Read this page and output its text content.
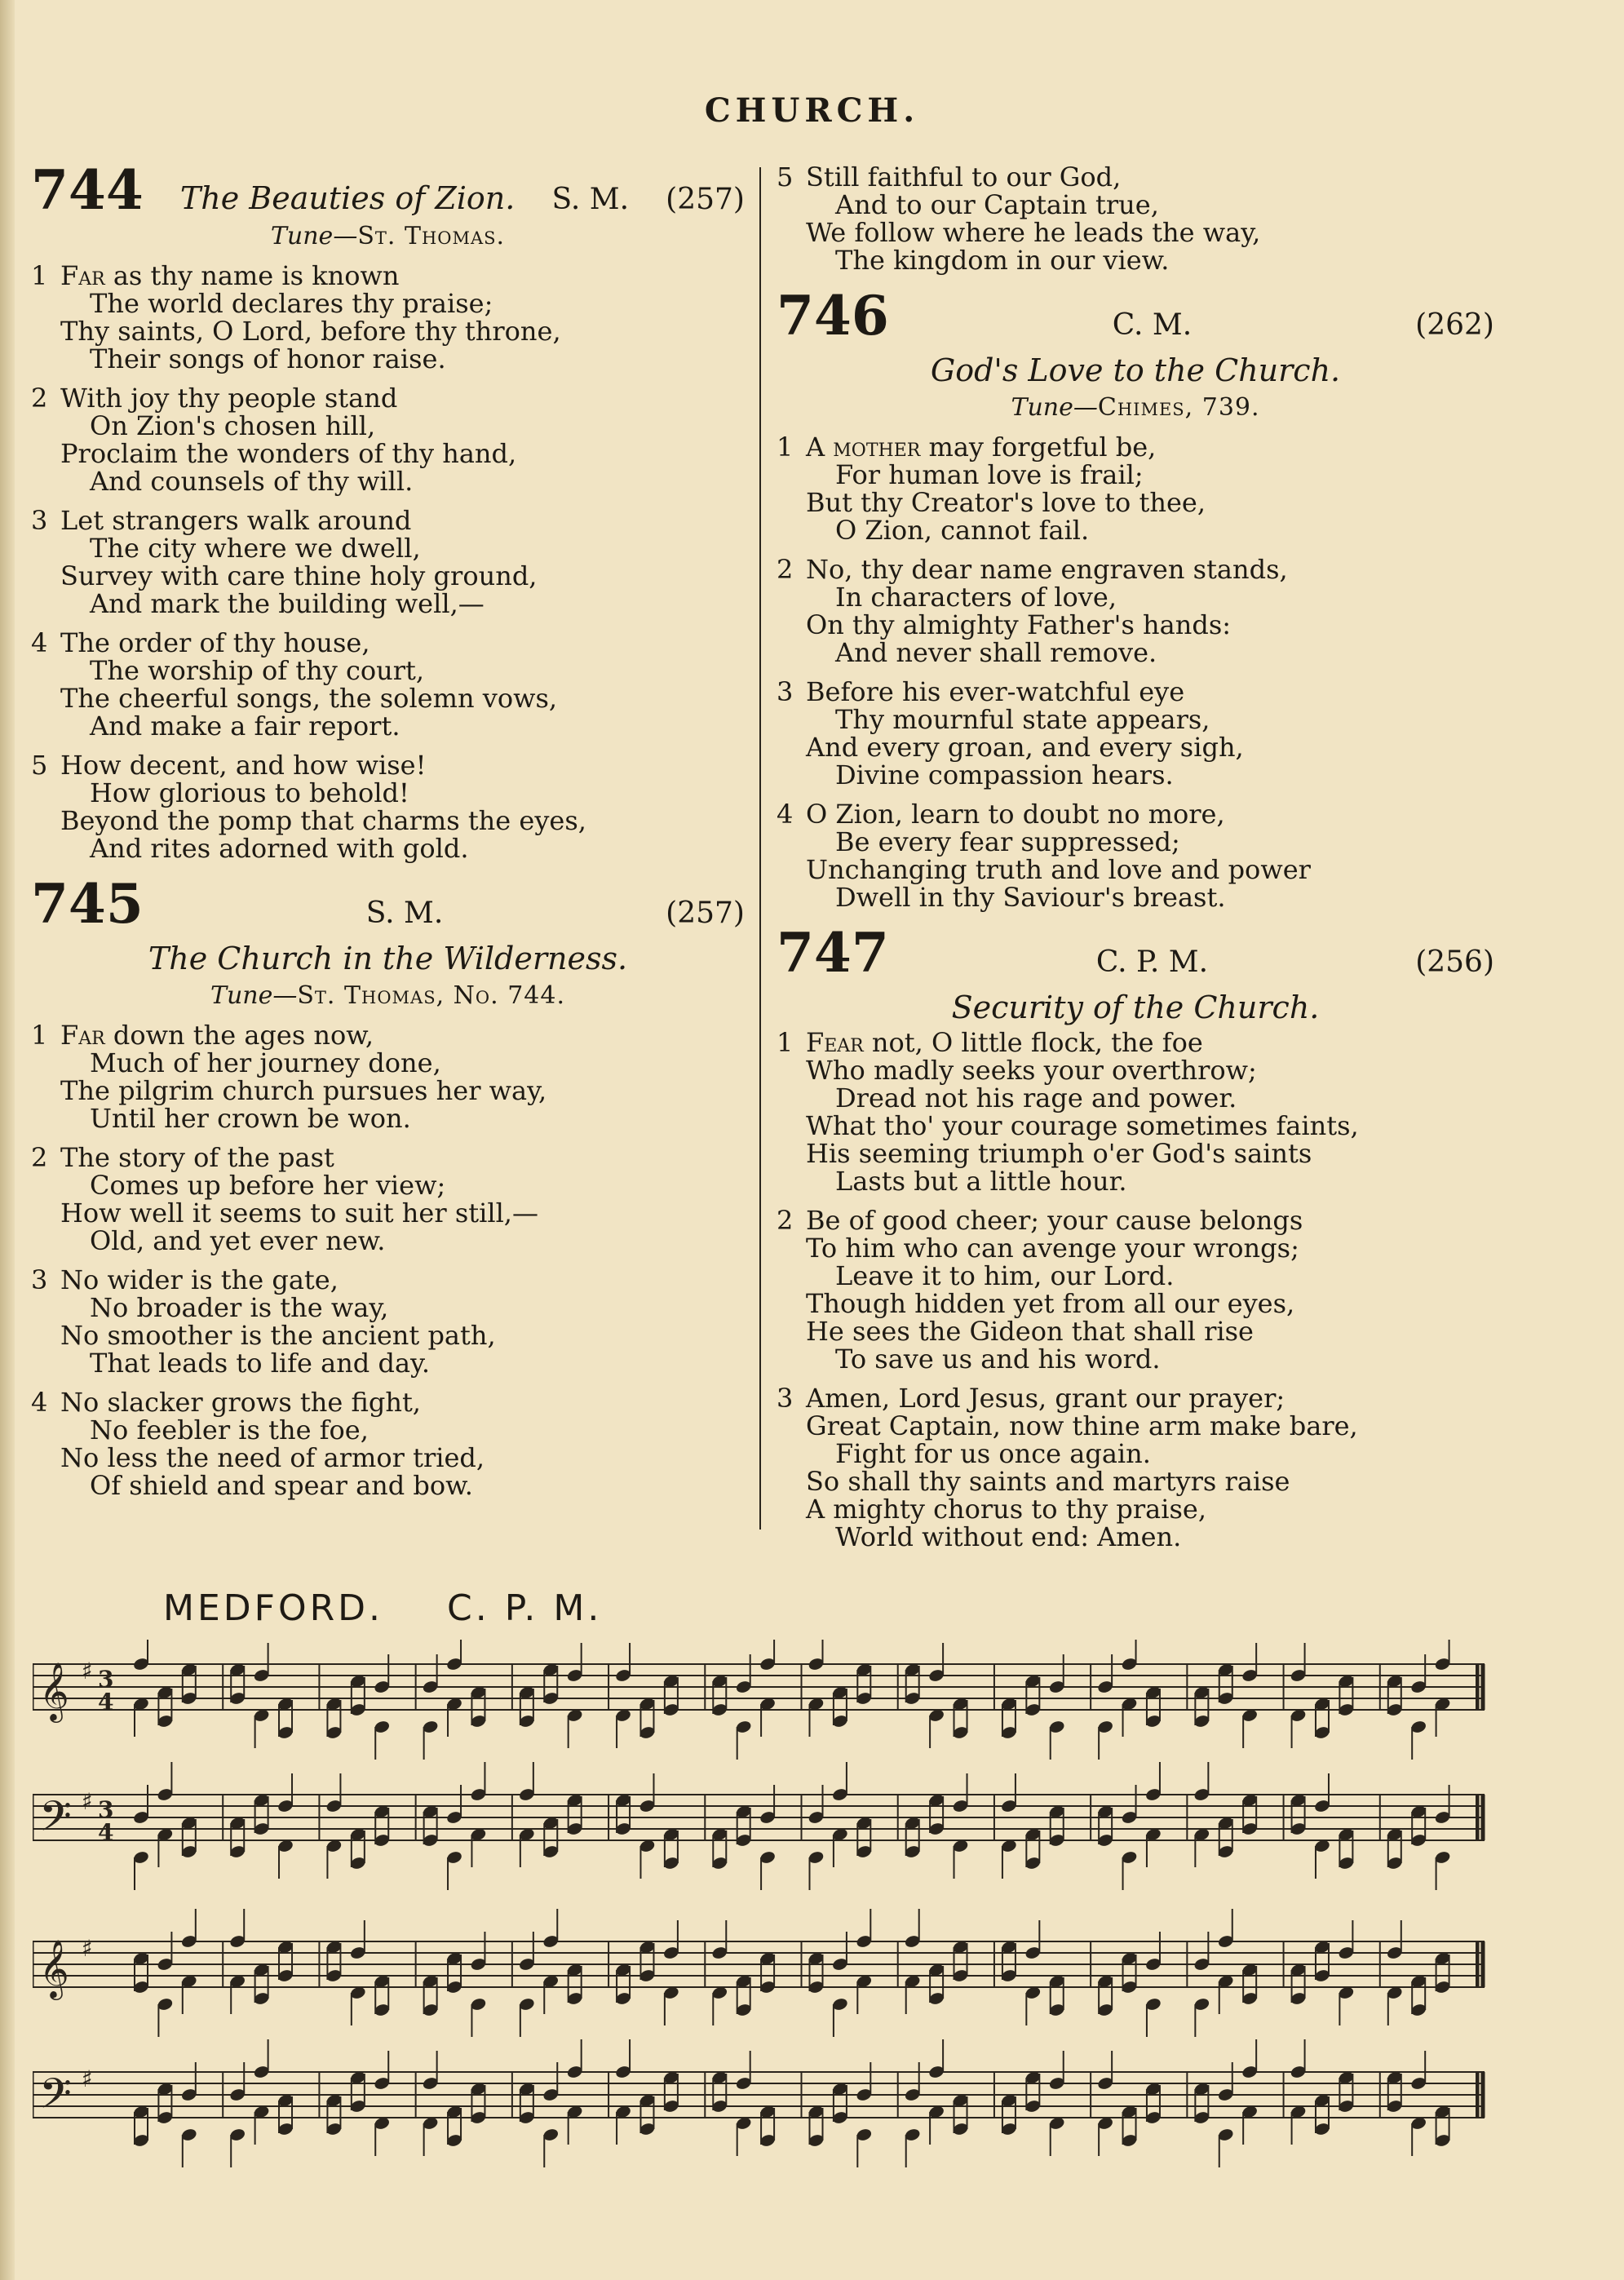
CHURCH.
744 The Beauties of Zion. S. M. (257)
Tune—St. Thomas.
1 Far as thy name is known
The world declares thy praise;
Thy saints, O Lord, before thy throne,
Their songs of honor raise.
2 With joy thy people stand
On Zion's chosen hill,
Proclaim the wonders of thy hand,
And counsels of thy will.
3 Let strangers walk around
The city where we dwell,
Survey with care thine holy ground,
And mark the building well,—
4 The order of thy house,
The worship of thy court,
The cheerful songs, the solemn vows,
And make a fair report.
5 How decent, and how wise!
How glorious to behold!
Beyond the pomp that charms the eyes,
And rites adorned with gold.
745	S. M.	(257)
The Church in the Wilderness.
Tune—St. Thomas, No. 744.
1 Far down the ages now,
Much of her journey done,
The pilgrim church pursues her way,
Until her crown be won.
2 The story of the past
Comes up before her view;
How well it seems to suit her still,—
Old, and yet ever new.
3 No wider is the gate,
No broader is the way,
No smoother is the ancient path,
That leads to life and day.
4 No slacker grows the fight,
No feebler is the foe,
No less the need of armor tried,
Of shield and spear and bow.
5 Still faithful to our God,
And to our Captain true,
We follow where he leads the way,
The kingdom in our view.
746	C. M.	(262)
God's Love to the Church.
Tune—Chimes, 739.
1 A mother may forgetful be,
For human love is frail;
But thy Creator's love to thee,
O Zion, cannot fail.
2 No, thy dear name engraven stands,
In characters of love,
On thy almighty Father's hands:
And never shall remove.
3 Before his ever-watchful eye
Thy mournful state appears,
And every groan, and every sigh,
Divine compassion hears.
4 O Zion, learn to doubt no more,
Be every fear suppressed;
Unchanging truth and love and power
Dwell in thy Saviour's breast.
747	C. P. M.	(256)
Security of the Church.
1 Fear not, O little flock, the foe
Who madly seeks your overthrow;
Dread not his rage and power.
What tho' your courage sometimes faints,
His seeming triumph o'er God's saints
Lasts but a little hour.
2 Be of good cheer; your cause belongs
To him who can avenge your wrongs;
Leave it to him, our Lord.
Though hidden yet from all our eyes,
He sees the Gideon that shall rise
To save us and his word.
3 Amen, Lord Jesus, grant our prayer;
Great Captain, now thine arm make bare,
Fight for us once again.
So shall thy saints and martyrs raise
A mighty chorus to thy praise,
World without end: Amen.
MEDFORD. C. P. M.
𝄞 ♯ 3
4
𝄢 ♯ 3
4
𝄞 ♯
𝄢 ♯
